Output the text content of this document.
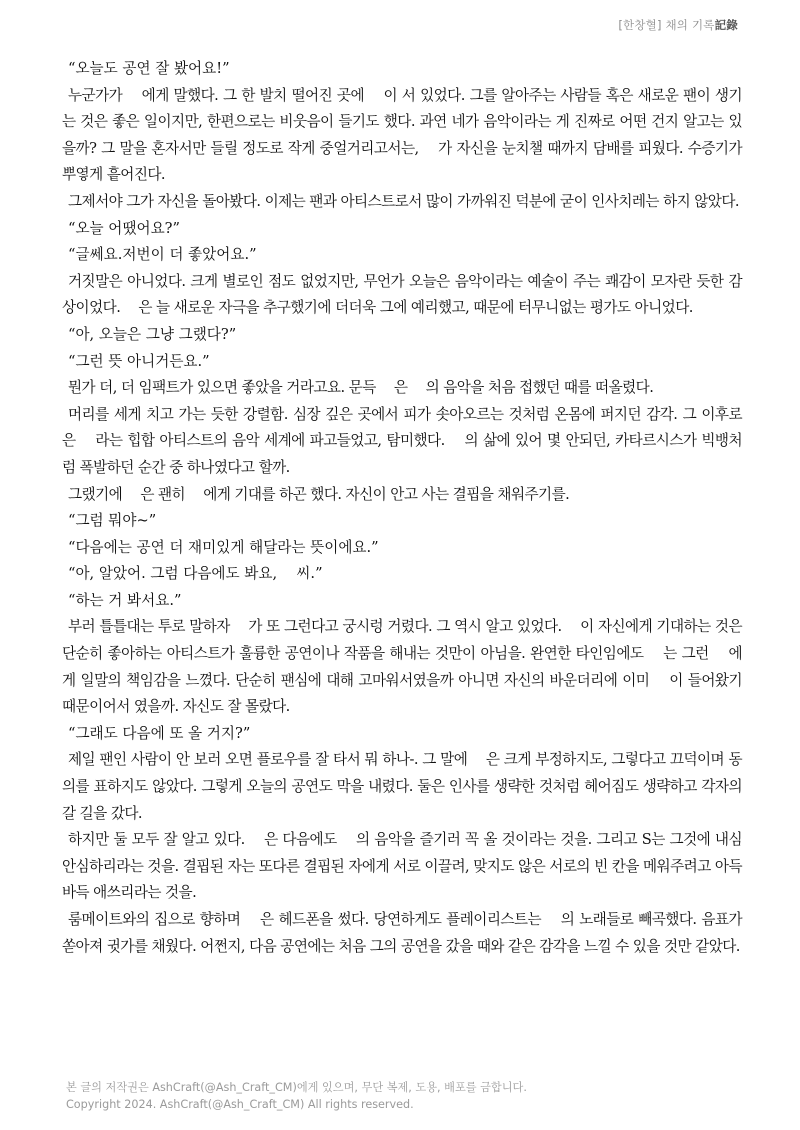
[한창혈] 채의 기록記錄

“오늘도 공연 잘 봤어요!”

누군가가 　에게 말했다. 그 한 발치 떨어진 곳에 　이 서 있었다. 그를 알아주는 사람들 혹은 새로운 팬이 생기는 것은 좋은 일이지만, 한편으로는 비웃음이 들기도 했다. 과연 네가 음악이라는 게 진짜로 어떤 건지 알고는 있을까? 그 말을 혼자서만 들릴 정도로 작게 중얼거리고서는, 　가 자신을 눈치챌 때까지 담배를 피웠다. 수증기가 뿌옇게 흩어진다.

그제서야 그가 자신을 돌아봤다. 이제는 팬과 아티스트로서 많이 가까워진 덕분에 굳이 인사치레는 하지 않았다.

“오늘 어땠어요?”

“글쎄요.저번이 더 좋았어요.”

거짓말은 아니었다. 크게 별로인 점도 없었지만, 무언가 오늘은 음악이라는 예술이 주는 쾌감이 모자란 듯한 감상이었다. 　은 늘 새로운 자극을 추구했기에 더더욱 그에 예리했고, 때문에 터무니없는 평가도 아니었다.

“아, 오늘은 그냥 그랬다?”

“그런 뜻 아니거든요.”

뭔가 더, 더 임팩트가 있으면 좋았을 거라고요. 문득 　은 　의 음악을 처음 접했던 때를 떠올렸다.

머리를 세게 치고 가는 듯한 강렬함. 심장 깊은 곳에서 피가 솟아오르는 것처럼 온몸에 퍼지던 감각. 그 이후로 　은 　라는 힙합 아티스트의 음악 세계에 파고들었고, 탐미했다. 　의 삶에 있어 몇 안되던, 카타르시스가 빅뱅처럼 폭발하던 순간 중 하나였다고 할까.

그랬기에 　은 괜히 　에게 기대를 하곤 했다. 자신이 안고 사는 결핍을 채워주기를.

“그럼 뭐야~”

“다음에는 공연 더 재미있게 해달라는 뜻이에요.”

“아, 알았어. 그럼 다음에도 봐요, 　씨.”

“하는 거 봐서요.”

부러 틀틀대는 투로 말하자 　가 또 그런다고 궁시렁 거렸다. 그 역시 알고 있었다. 　이 자신에게 기대하는 것은 단순히 좋아하는 아티스트가 훌륭한 공연이나 작품을 해내는 것만이 아님을. 완연한 타인임에도 　는 그런 　에게 일말의 책임감을 느꼈다. 단순히 팬심에 대해 고마워서였을까 아니면 자신의 바운더리에 이미 　이 들어왔기 때문이어서 였을까. 자신도 잘 몰랐다.

“그래도 다음에 또 올 거지?”

제일 팬인 사람이 안 보러 오면 플로우를 잘 타서 뭐 하나-. 그 말에 　은 크게 부정하지도, 그렇다고 끄덕이며 동의를 표하지도 않았다. 그렇게 오늘의 공연도 막을 내렸다. 둘은 인사를 생략한 것처럼 헤어짐도 생략하고 각자의 갈 길을 갔다.

하지만 둘 모두 잘 알고 있다. 　은 다음에도 　의 음악을 즐기러 꼭 올 것이라는 것을. 그리고 S는 그것에 내심 안심하리라는 것을. 결핍된 자는 또다른 결핍된 자에게 서로 이끌려, 맞지도 않은 서로의 빈 칸을 메워주려고 아득바득 애쓰리라는 것을.

룸메이트와의 집으로 향하며 　은 헤드폰을 썼다. 당연하게도 플레이리스트는 　의 노래들로 빼곡했다. 음표가 쏟아져 귓가를 채웠다. 어쩐지, 다음 공연에는 처음 그의 공연을 갔을 때와 같은 감각을 느낄 수 있을 것만 같았다.

본 글의 저작권은 AshCraft(@Ash_Craft_CM)에게 있으며, 무단 복제, 도용, 배포를 금합니다.
Copyright 2024. AshCraft(@Ash_Craft_CM) All rights reserved.
